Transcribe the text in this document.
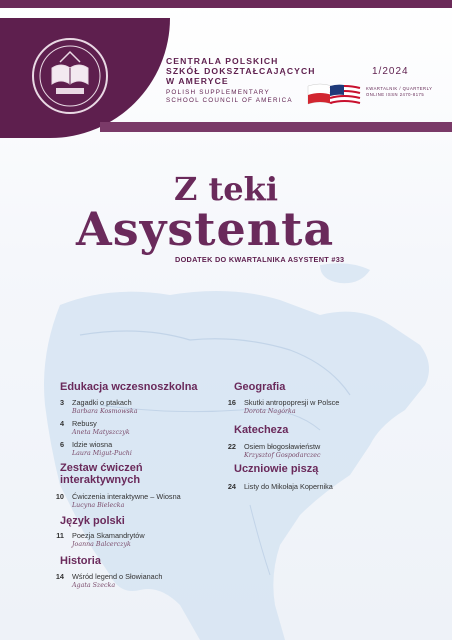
CENTRALA POLSKICH
SZKÓŁ DOKSZTAŁCAJĄCYCH
W AMERYCE
POLISH SUPPLEMENTARY
SCHOOL COUNCIL OF AMERICA
1/2024
KWARTALNIK / QUARTERLY
ONLINE ISSN 2470-8175
Z teki
Asystenta
DODATEK DO KWARTALNIKA ASYSTENT #33
Edukacja wczesnoszkolna
3 Zagadki o ptakach
Barbara Kosmowska
4 Rebusy
Aneta Matyszczyk
6 Idzie wiosna
Laura Migut-Puchi
Zestaw ćwiczeń
interaktywnych
10 Ćwiczenia interaktywne – Wiosna
Lucyna Bielecka
Język polski
11 Poezja Skamandrytów
Joanna Balcerczyk
Historia
14 Wśród legend o Słowianach
Agata Szecka
Geografia
16 Skutki antropopresji w Polsce
Dorota Nagórka
Katecheza
22 Osiem błogosławieństw
Krzysztof Gospodarczec
Uczniowie piszą
24 Listy do Mikołaja Kopernika
